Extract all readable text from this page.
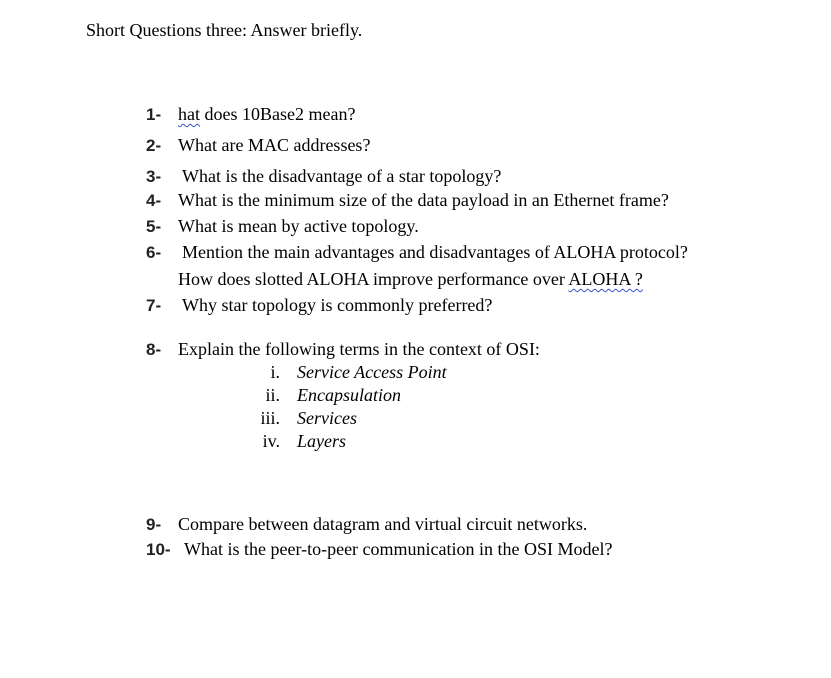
Short Questions three: Answer briefly.
1- hat does 10Base2 mean?
2- What are MAC addresses?
3- What is the disadvantage of a star topology?
4- What is the minimum size of the data payload in an Ethernet frame?
5- What is mean by active topology.
6- Mention the main advantages and disadvantages of ALOHA protocol?
How does slotted ALOHA improve performance over ALOHA ?
7- Why star topology is commonly preferred?
8- Explain the following terms in the context of OSI:
i. Service Access Point
ii. Encapsulation
iii. Services
iv. Layers
9- Compare between datagram and virtual circuit networks.
10- What is the peer-to-peer communication in the OSI Model?
